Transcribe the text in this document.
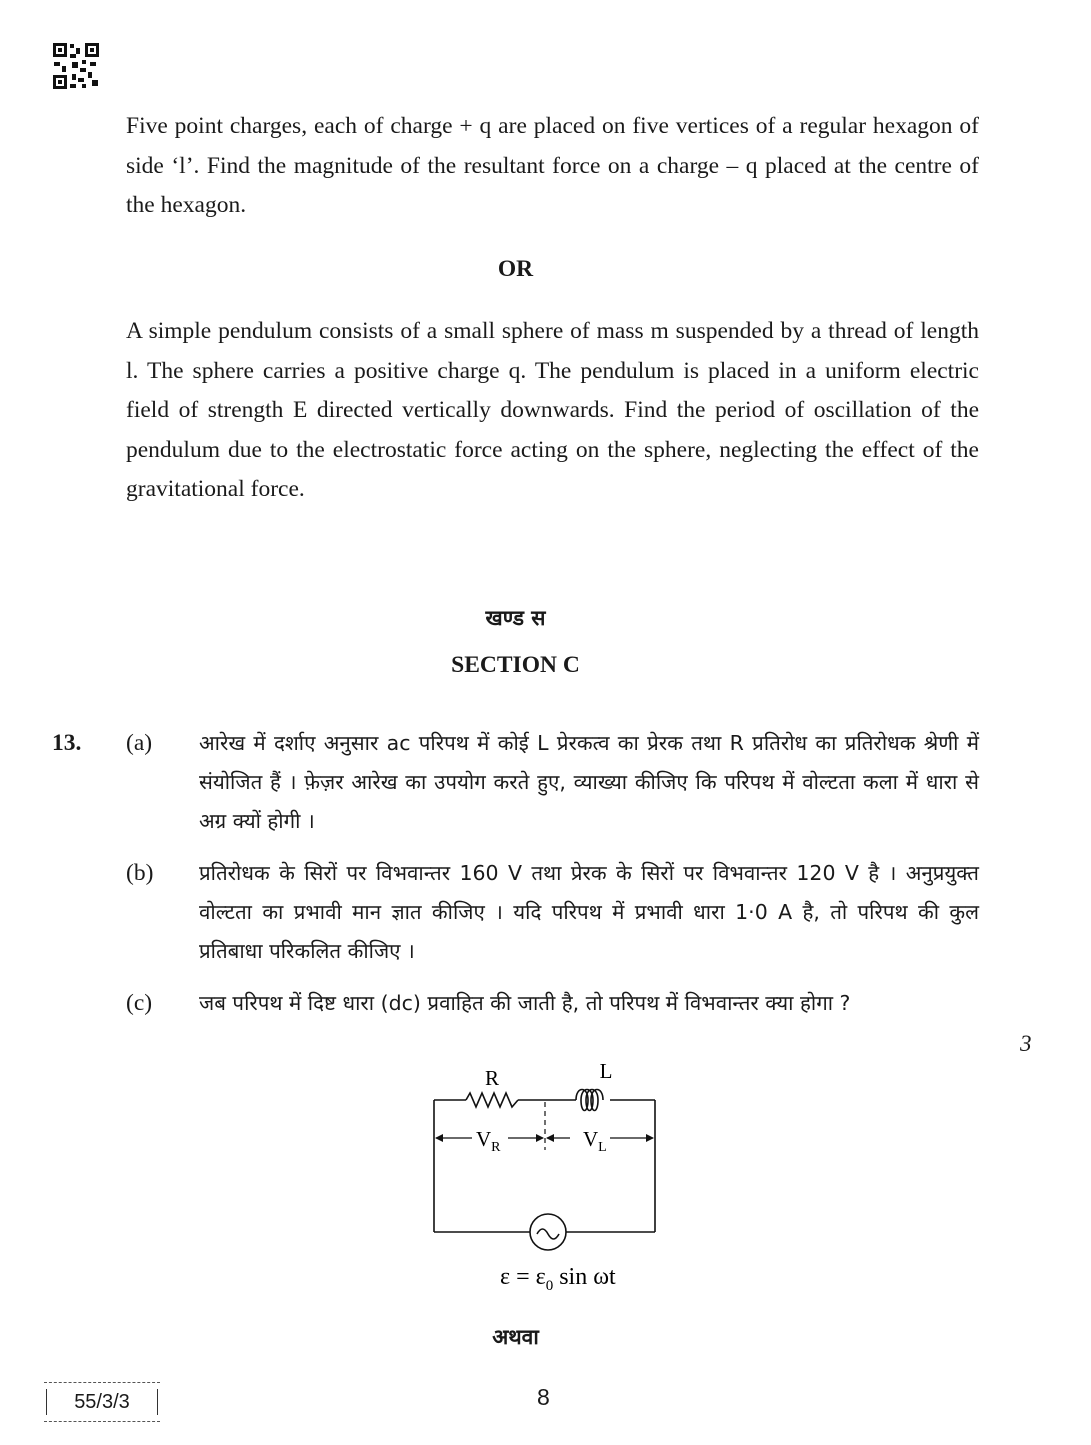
Five point charges, each of charge + q are placed on five vertices of a regular hexagon of side ‘l’. Find the magnitude of the resultant force on a charge – q placed at the centre of the hexagon.

OR

A simple pendulum consists of a small sphere of mass m suspended by a thread of length l. The sphere carries a positive charge q. The pendulum is placed in a uniform electric field of strength E directed vertically downwards. Find the period of oscillation of the pendulum due to the electrostatic force acting on the sphere, neglecting the effect of the gravitational force.

खण्ड स

SECTION C

13. (a) आरेख में दर्शाए अनुसार ac परिपथ में कोई L प्रेरकत्व का प्रेरक तथा R प्रतिरोध का प्रतिरोधक श्रेणी में संयोजित हैं । फ़ेज़र आरेख का उपयोग करते हुए, व्याख्या कीजिए कि परिपथ में वोल्टता कला में धारा से अग्र क्यों होगी ।

(b) प्रतिरोधक के सिरों पर विभवान्तर 160 V तथा प्रेरक के सिरों पर विभवान्तर 120 V है । अनुप्रयुक्त वोल्टता का प्रभावी मान ज्ञात कीजिए । यदि परिपथ में प्रभावी धारा 1·0 A है, तो परिपथ की कुल प्रतिबाधा परिकलित कीजिए ।

(c) जब परिपथ में दिष्ट धारा (dc) प्रवाहित की जाती है, तो परिपथ में विभवान्तर क्या होगा ?

3
R	L
$V_R$	$V_L$
$\varepsilon = \varepsilon_0$ sin ωt

अथवा

55/3/3	8
